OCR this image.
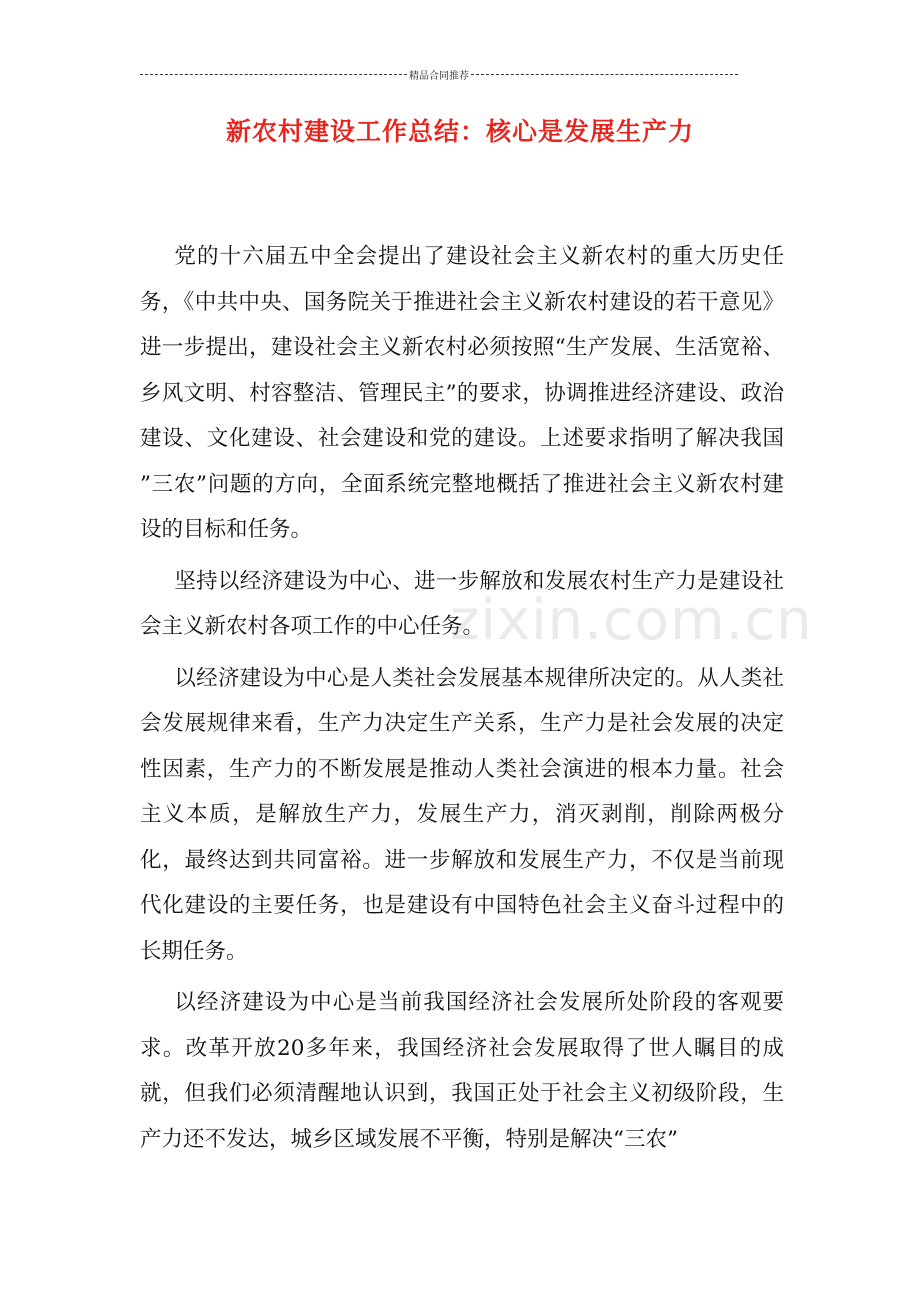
精品合同推荐
新农村建设工作总结：核心是发展生产力

党的十六届五中全会提出了建设社会主义新农村的重大历史任务，《中共中央、国务院关于推进社会主义新农村建设的若干意见》进一步提出，建设社会主义新农村必须按照“生产发展、生活宽裕、乡风文明、村容整洁、管理民主”的要求，协调推进经济建设、政治建设、文化建设、社会建设和党的建设。上述要求指明了解决我国 ”三农”问题的方向，全面系统完整地概括了推进社会主义新农村建设的目标和任务。

坚持以经济建设为中心、进一步解放和发展农村生产力是建设社会主义新农村各项工作的中心任务。

以经济建设为中心是人类社会发展基本规律所决定的。从人类社会发展规律来看，生产力决定生产关系，生产力是社会发展的决定性因素，生产力的不断发展是推动人类社会演进的根本力量。社会主义本质，是解放生产力，发展生产力，消灭剥削，削除两极分化，最终达到共同富裕。进一步解放和发展生产力，不仅是当前现代化建设的主要任务，也是建设有中国特色社会主义奋斗过程中的长期任务。

以经济建设为中心是当前我国经济社会发展所处阶段的客观要求。改革开放20多年来，我国经济社会发展取得了世人瞩目的成就，但我们必须清醒地认识到，我国正处于社会主义初级阶段，生产力还不发达，城乡区域发展不平衡，特别是解决“三农”

zixin.com.cn
